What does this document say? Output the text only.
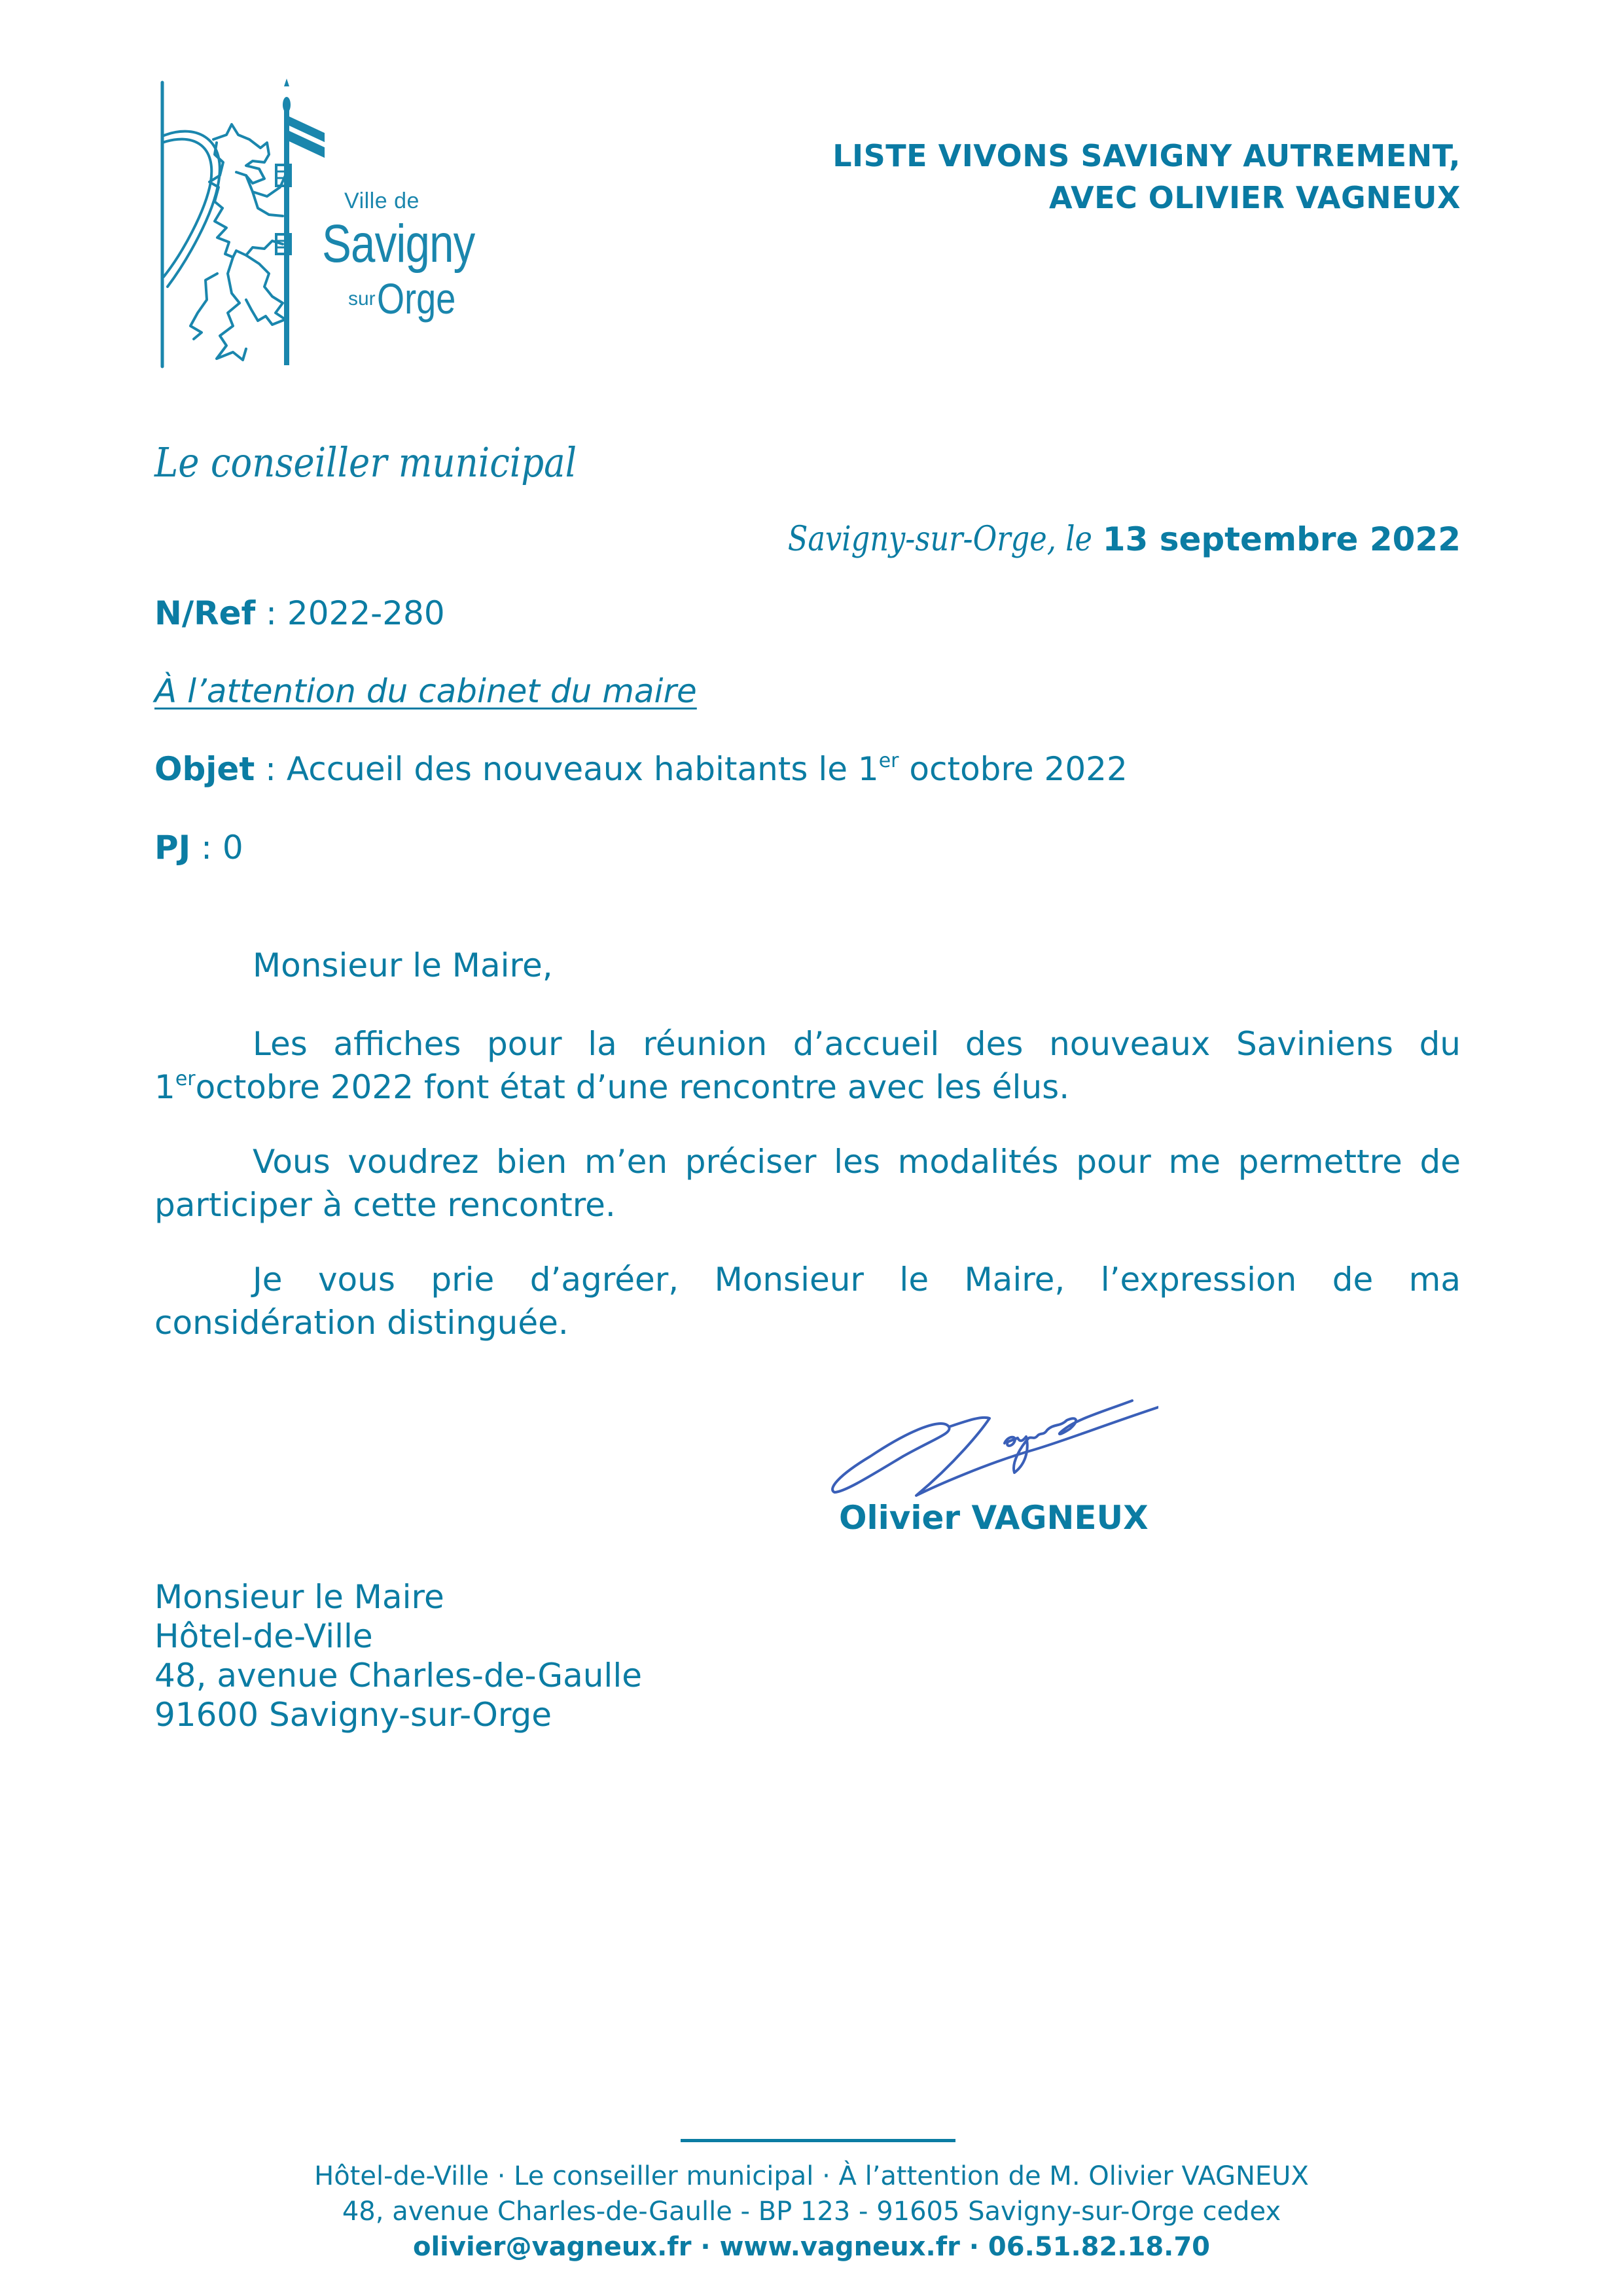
Ville de
Savigny
sur Orge
LISTE VIVONS SAVIGNY AUTREMENT,
AVEC OLIVIER VAGNEUX
Le conseiller municipal
Savigny-sur-Orge, le 13 septembre 2022
N/Ref : 2022-280
À l’attention du cabinet du maire
Objet : Accueil des nouveaux habitants le 1er octobre 2022
PJ : 0

Monsieur le Maire,

Les affiches pour la réunion d’accueil des nouveaux Saviniens du 1eroctobre 2022 font état d’une rencontre avec les élus.

Vous voudrez bien m’en préciser les modalités pour me permettre de participer à cette rencontre.

Je vous prie d’agréer, Monsieur le Maire, l’expression de ma considération distinguée.

Olivier VAGNEUX
Monsieur le Maire
Hôtel-de-Ville
48, avenue Charles-de-Gaulle
91600 Savigny-sur-Orge
Hôtel-de-Ville · Le conseiller municipal · À l’attention de M. Olivier VAGNEUX
48, avenue Charles-de-Gaulle - BP 123 - 91605 Savigny-sur-Orge cedex
olivier@vagneux.fr · www.vagneux.fr · 06.51.82.18.70
